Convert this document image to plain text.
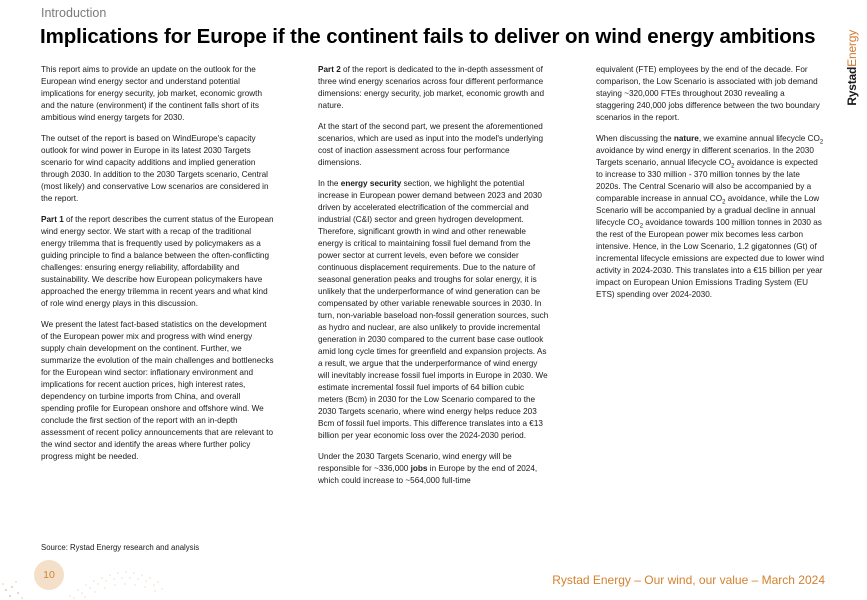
Introduction
Implications for Europe if the continent fails to deliver on wind energy ambitions
RystadEnergy

This report aims to provide an update on the outlook for the European wind energy sector and understand potential implications for energy security, job market, economic growth and the nature (environment) if the continent falls short of its ambitious wind energy targets for 2030.

The outset of the report is based on WindEurope's capacity outlook for wind power in Europe in its latest 2030 Targets scenario for wind capacity additions and implied generation through 2030. In addition to the 2030 Targets scenario, Central (most likely) and conservative Low scenarios are considered in the report.

Part 1 of the report describes the current status of the European wind energy sector. We start with a recap of the traditional energy trilemma that is frequently used by policymakers as a guiding principle to find a balance between the often-conflicting challenges: ensuring energy reliability, affordability and sustainability. We describe how European policymakers have approached the energy trilemma in recent years and what kind of role wind energy plays in this discussion.

We present the latest fact-based statistics on the development of the European power mix and progress with wind energy supply chain development on the continent. Further, we summarize the evolution of the main challenges and bottlenecks for the European wind sector: inflationary environment and implications for recent auction prices, high interest rates, dependency on turbine imports from China, and overall spending profile for European onshore and offshore wind. We conclude the first section of the report with an in-depth assessment of recent policy announcements that are relevant to the wind sector and identify the areas where further policy progress might be needed.

Part 2 of the report is dedicated to the in-depth assessment of three wind energy scenarios across four different performance dimensions: energy security, job market, economic growth and nature.

At the start of the second part, we present the aforementioned scenarios, which are used as input into the model's underlying cost of inaction assessment across four performance dimensions.

In the energy security section, we highlight the potential increase in European power demand between 2023 and 2030 driven by accelerated electrification of the commercial and industrial (C&I) sector and green hydrogen development. Therefore, significant growth in wind and other renewable energy is critical to maintaining fossil fuel demand from the power sector at current levels, even before we consider continuous displacement requirements. Due to the nature of seasonal generation peaks and troughs for solar energy, it is unlikely that the underperformance of wind generation can be compensated by other variable renewable sources in 2030. In turn, non-variable baseload non-fossil generation sources, such as hydro and nuclear, are also unlikely to provide incremental generation in 2030 compared to the current base case outlook amid long cycle times for greenfield and expansion projects. As a result, we argue that the underperformance of wind energy will inevitably increase fossil fuel imports in Europe in 2030. We estimate incremental fossil fuel imports of 64 billion cubic meters (Bcm) in 2030 for the Low Scenario compared to the 2030 Targets scenario, where wind energy helps reduce 203 Bcm of fossil fuel imports. This difference translates into a €13 billion per year economic loss over the 2024-2030 period.

Under the 2030 Targets Scenario, wind energy will be responsible for ~336,000 jobs in Europe by the end of 2024, which could increase to ~564,000 full-time

equivalent (FTE) employees by the end of the decade. For comparison, the Low Scenario is associated with job demand staying ~320,000 FTEs throughout 2030 revealing a staggering 240,000 jobs difference between the two boundary scenarios in the report.

When discussing the nature, we examine annual lifecycle $CO_2$ avoidance by wind energy in different scenarios. In the 2030 Targets scenario, annual lifecycle $CO_2$ avoidance is expected to increase to 330 million - 370 million tonnes by the late 2020s. The Central Scenario will also be accompanied by a comparable increase in annual $CO_2$ avoidance, while the Low Scenario will be accompanied by a gradual decline in annual lifecycle $CO_2$ avoidance towards 100 million tonnes in 2030 as the rest of the European power mix becomes less carbon intensive. Hence, in the Low Scenario, 1.2 gigatonnes (Gt) of incremental lifecycle emissions are expected due to lower wind activity in 2024-2030. This translates into a €15 billion per year impact on European Union Emissions Trading System (EU ETS) spending over 2024-2030.

Source: Rystad Energy research and analysis
10	Rystad Energy – Our wind, our value – March 2024
